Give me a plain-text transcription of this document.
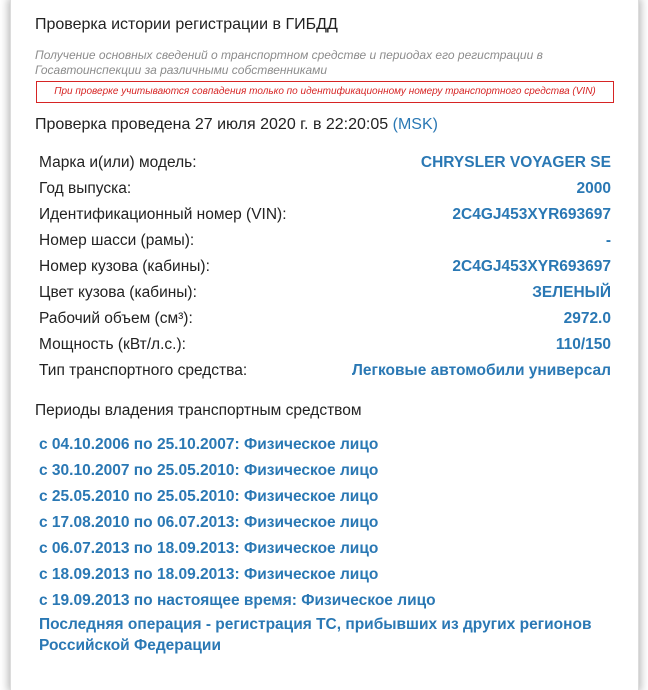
Проверка истории регистрации в ГИБДД
Получение основных сведений о транспортном средстве и периодах его регистрации в Госавтоинспекции за различными собственниками
При проверке учитываются совпадения только по идентификационному номеру транспортного средства (VIN)
Проверка проведена 27 июля 2020 г. в 22:20:05 (MSK)
Марка и(или) модель:	CHRYSLER VOYAGER SE
Год выпуска:	2000
Идентификационный номер (VIN):	2C4GJ453XYR693697
Номер шасси (рамы):	-
Номер кузова (кабины):	2C4GJ453XYR693697
Цвет кузова (кабины):	ЗЕЛЕНЫЙ
Рабочий объем (см³):	2972.0
Мощность (кВт/л.с.):	110/150
Тип транспортного средства:	Легковые автомобили универсал
Периоды владения транспортным средством
с 04.10.2006 по 25.10.2007: Физическое лицо
с 30.10.2007 по 25.05.2010: Физическое лицо
с 25.05.2010 по 25.05.2010: Физическое лицо
с 17.08.2010 по 06.07.2013: Физическое лицо
с 06.07.2013 по 18.09.2013: Физическое лицо
с 18.09.2013 по 18.09.2013: Физическое лицо
с 19.09.2013 по настоящее время: Физическое лицо
Последняя операция - регистрация ТС, прибывших из других регионов Российской Федерации
